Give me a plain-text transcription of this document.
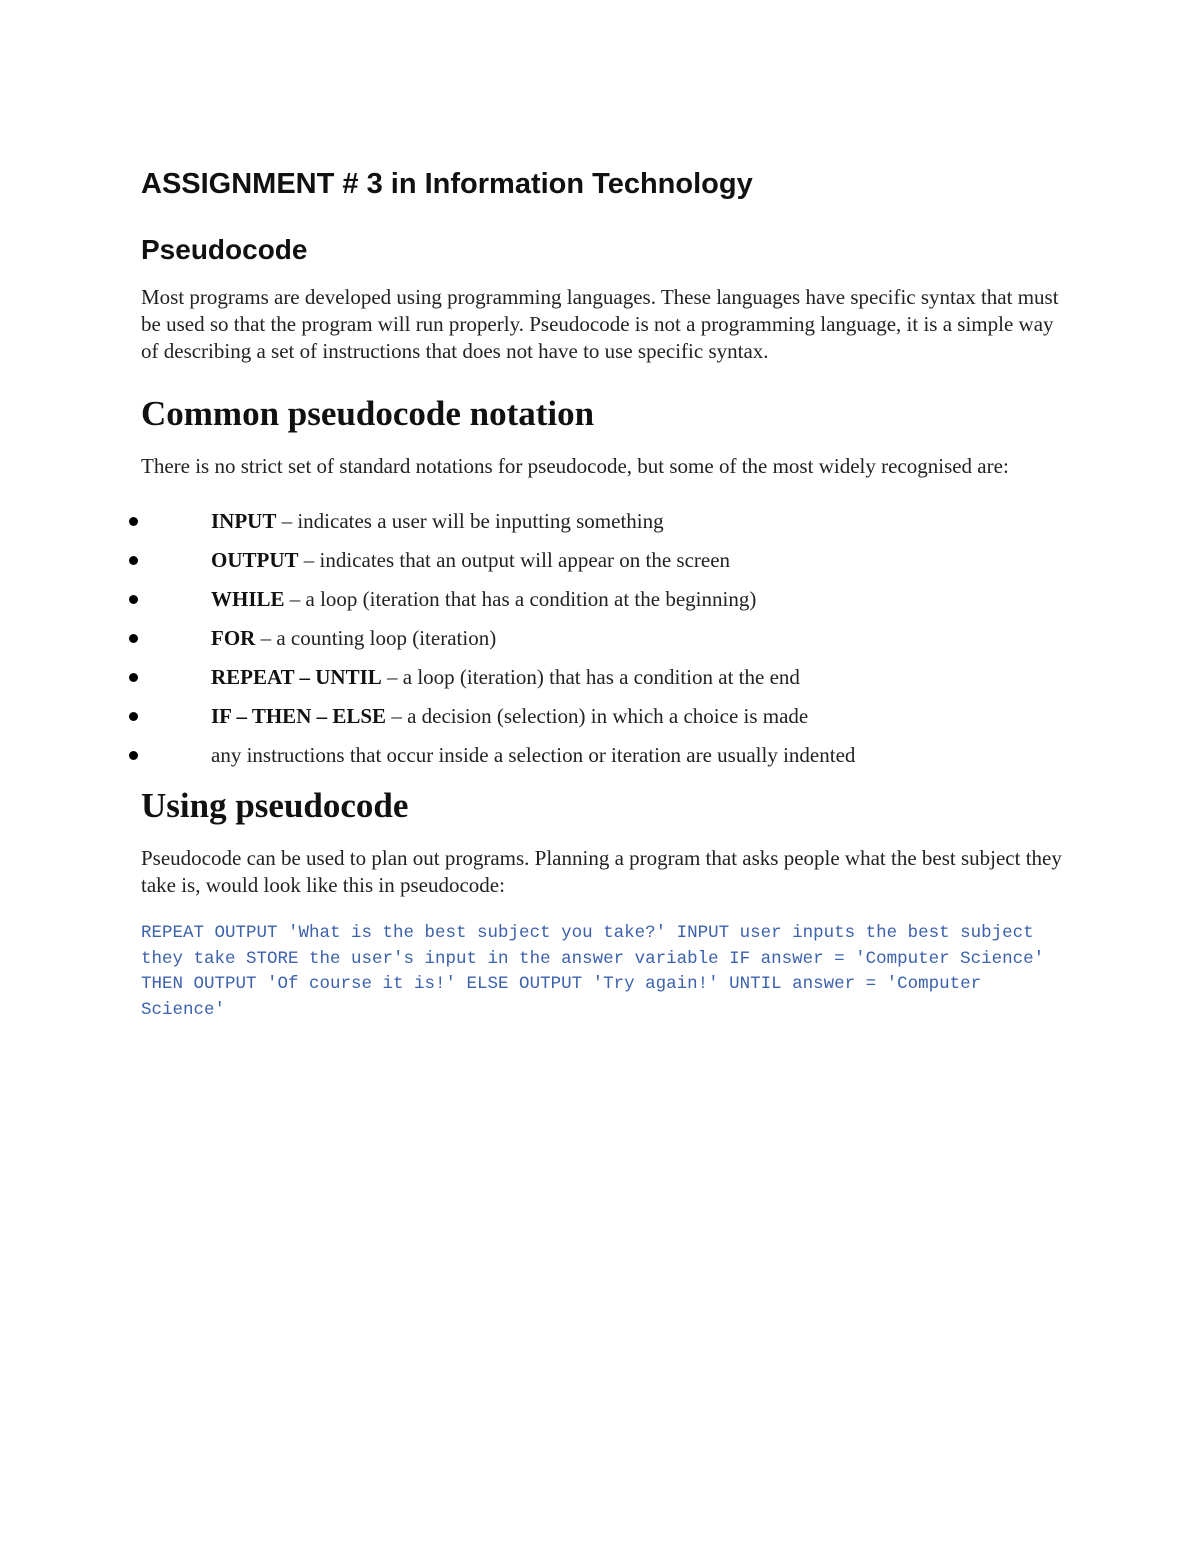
ASSIGNMENT # 3 in Information Technology
Pseudocode

Most programs are developed using programming languages. These languages have specific syntax that must be used so that the program will run properly. Pseudocode is not a programming language, it is a simple way of describing a set of instructions that does not have to use specific syntax.

Common pseudocode notation

There is no strict set of standard notations for pseudocode, but some of the most widely recognised are:

INPUT – indicates a user will be inputting something
OUTPUT – indicates that an output will appear on the screen
WHILE – a loop (iteration that has a condition at the beginning)
FOR – a counting loop (iteration)
REPEAT – UNTIL – a loop (iteration) that has a condition at the end
IF – THEN – ELSE – a decision (selection) in which a choice is made
any instructions that occur inside a selection or iteration are usually indented
Using pseudocode

Pseudocode can be used to plan out programs. Planning a program that asks people what the best subject they take is, would look like this in pseudocode:

REPEAT OUTPUT 'What is the best subject you take?' INPUT user inputs the best subject they take STORE the user's input in the answer variable IF answer = 'Computer Science' THEN OUTPUT 'Of course it is!' ELSE OUTPUT 'Try again!' UNTIL answer = 'Computer Science'
